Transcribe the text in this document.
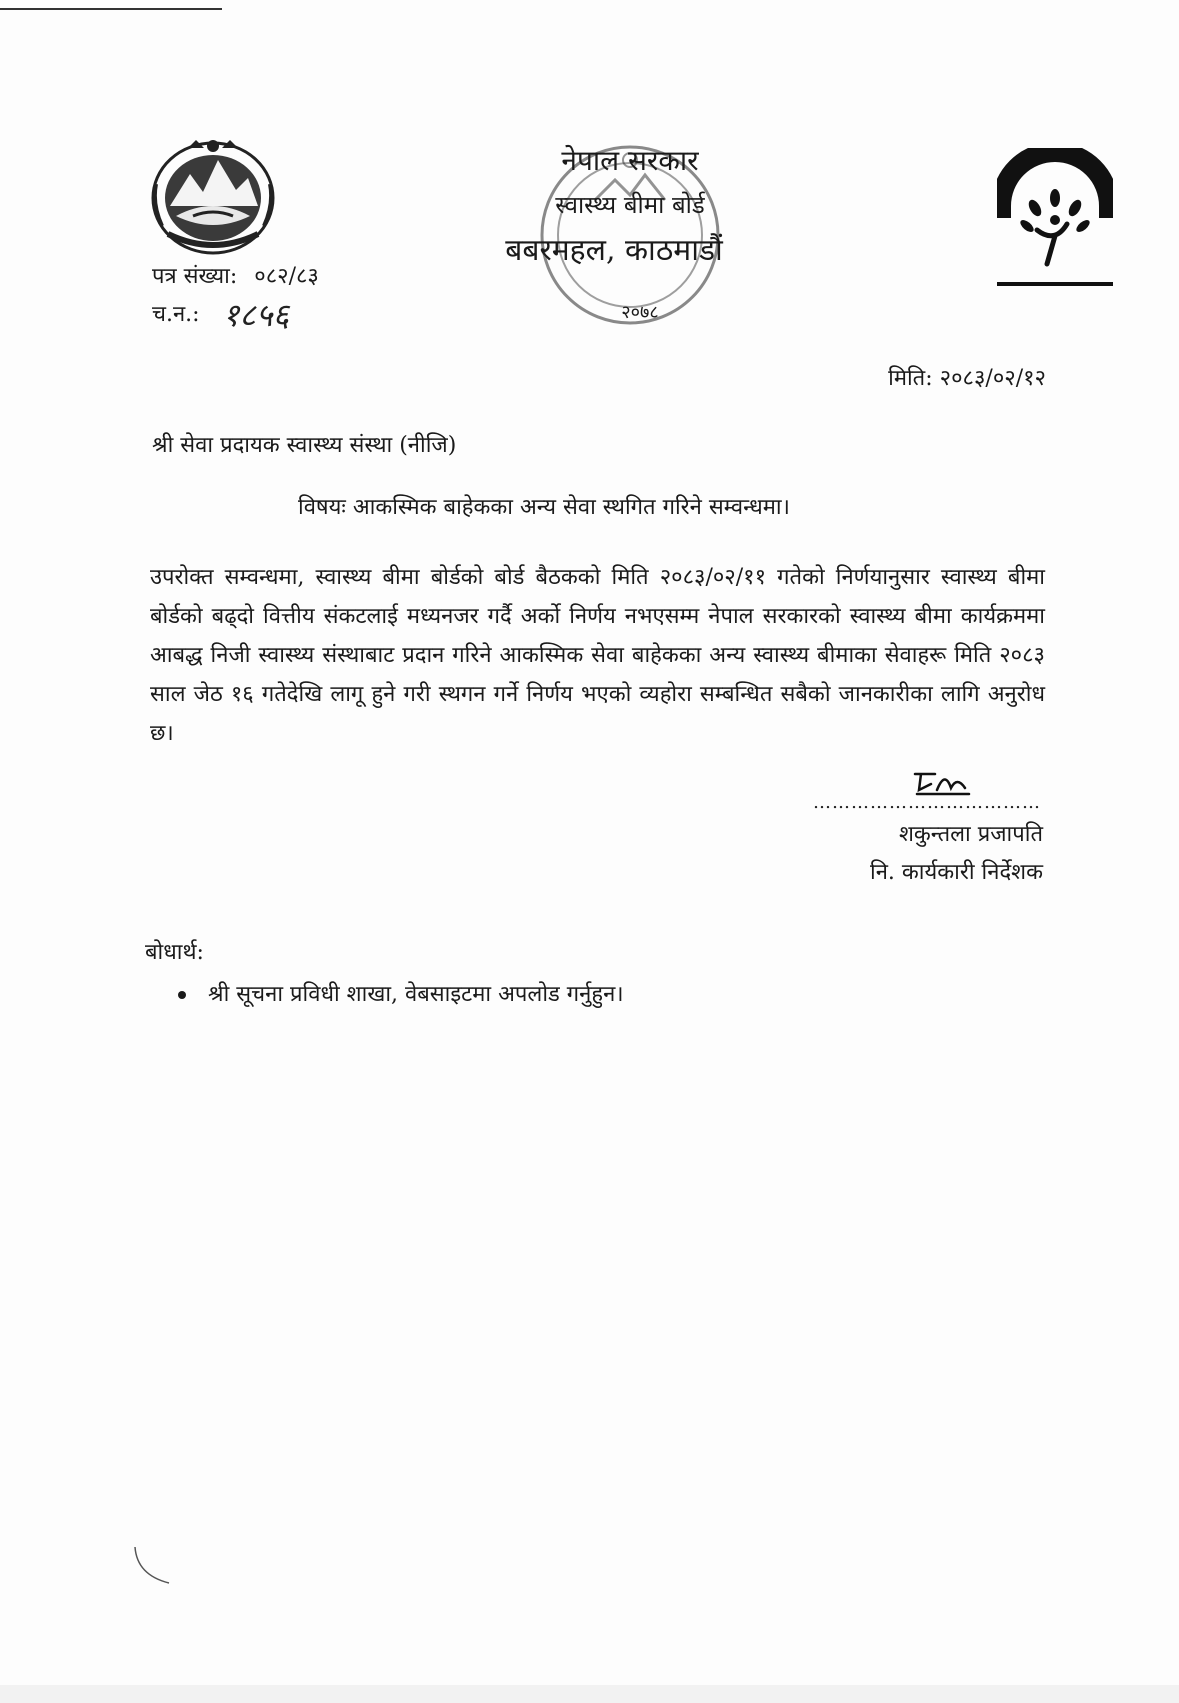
नेपाल सरकार
स्वास्थ्य बीमा बोर्ड
बबरमहल, काठमाडौं
२०७८
पत्र संख्या: ०८२/८३
च.न.: १८५६
मिति: २०८३/०२/१२
श्री सेवा प्रदायक स्वास्थ्य संस्था (नीजि)
विषयः आकस्मिक बाहेकका अन्य सेवा स्थगित गरिने सम्वन्धमा।
उपरोक्त सम्वन्धमा, स्वास्थ्य बीमा बोर्डको बोर्ड बैठकको मिति २०८३/०२/११ गतेको निर्णयानुसार स्वास्थ्य बीमा बोर्डको बढ्दो वित्तीय संकटलाई मध्यनजर गर्दै अर्को निर्णय नभएसम्म नेपाल सरकारको स्वास्थ्य बीमा कार्यक्रममा आबद्ध निजी स्वास्थ्य संस्थाबाट प्रदान गरिने आकस्मिक सेवा बाहेकका अन्य स्वास्थ्य बीमाका सेवाहरू मिति २०८३ साल जेठ १६ गतेदेखि लागू हुने गरी स्थगन गर्ने निर्णय भएको व्यहोरा सम्बन्धित सबैको जानकारीका लागि अनुरोध छ।
………………………………
शकुन्तला प्रजापति
नि. कार्यकारी निर्देशक
बोधार्थ:
श्री सूचना प्रविधी शाखा, वेबसाइटमा अपलोड गर्नुहुन।
